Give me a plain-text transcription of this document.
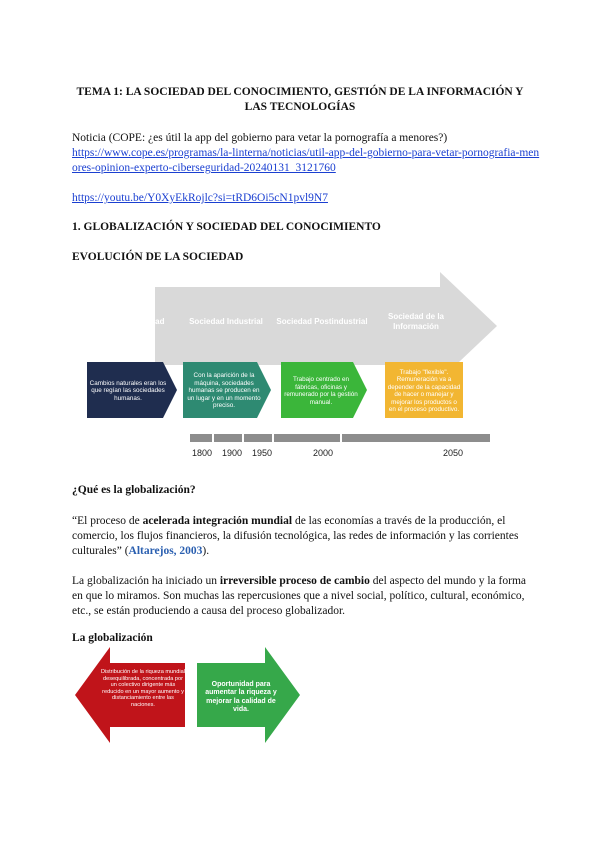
TEMA 1: LA SOCIEDAD DEL CONOCIMIENTO, GESTIÓN DE LA INFORMACIÓN Y
LAS TECNOLOGÍAS
Noticia (COPE: ¿es útil la app del gobierno para vetar la pornografía a menores?)
https://www.cope.es/programas/la-linterna/noticias/util-app-del-gobierno-para-vetar-pornografia-men
ores-opinion-experto-ciberseguridad-20240131_3121760
https://youtu.be/Y0XyEkRojlc?si=tRD6Oi5cN1pvl9N7
1. GLOBALIZACIÓN Y SOCIEDAD DEL CONOCIMIENTO
EVOLUCIÓN DE LA SOCIEDAD
Antigüedad	Sociedad Industrial	Sociedad Postindustrial
Sociedad de la Información
Cambios naturales eran los que regían las sociedades humanas.
Con la aparición de la máquina, sociedades humanas se producen en un lugar y en un momento preciso.
Trabajo centrado en fábricas, oficinas y remunerado por la gestión manual.
Trabajo "flexible". Remuneración va a depender de la capacidad de hacer o manejar y mejorar los productos o en el proceso productivo.
1800 1900 1950	2000	2050
¿Qué es la globalización?
“El proceso de acelerada integración mundial de las economías a través de la producción, el comercio, los flujos financieros, la difusión tecnológica, las redes de información y las corrientes culturales” (Altarejos, 2003).
La globalización ha iniciado un irreversible proceso de cambio del aspecto del mundo y la forma en que lo miramos. Son muchas las repercusiones que a nivel social, político, cultural, económico, etc., se están produciendo a causa del proceso globalizador.
La globalización
Distribución de la riqueza mundial desequilibrada, concentrada por un colectivo dirigente más reducido en un mayor aumento y distanciamiento entre las naciones.
Oportunidad para aumentar la riqueza y mejorar la calidad de vida.
